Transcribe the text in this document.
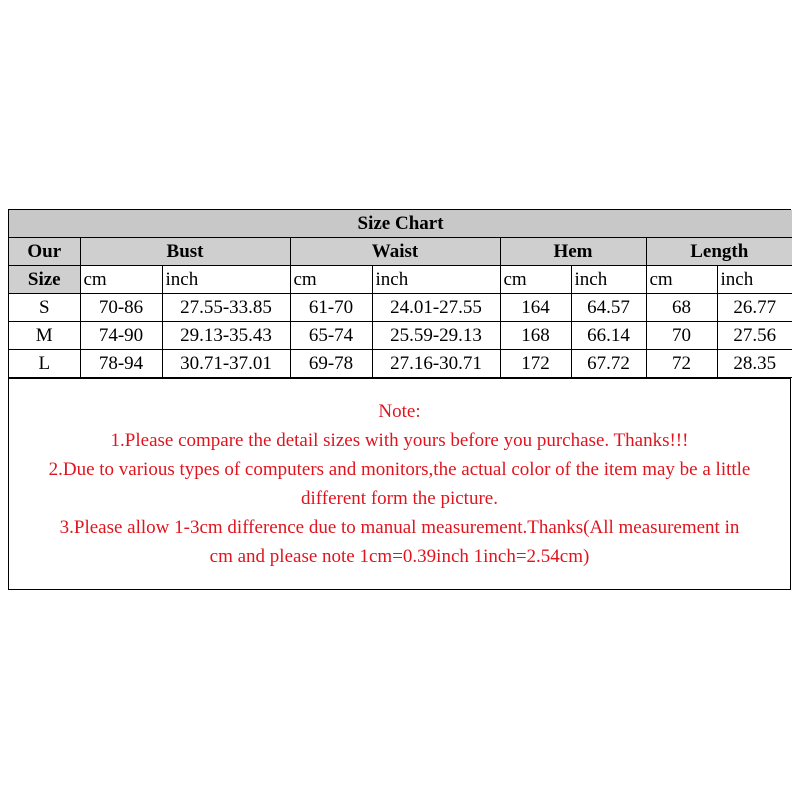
Size Chart								
Our	Bust		Waist		Hem		Length	
Size	cm	inch	cm	inch	cm	inch	cm	inch
S	70-86	27.55-33.85	61-70	24.01-27.55	164	64.57	68	26.77
M	74-90	29.13-35.43	65-74	25.59-29.13	168	66.14	70	27.56
L	78-94	30.71-37.01	69-78	27.16-30.71	172	67.72	72	28.35
Note:
1.Please compare the detail sizes with yours before you purchase. Thanks!!!
2.Due to various types of computers and monitors,the actual color of the item may be a little
different form the picture.
3.Please allow 1-3cm difference due to manual measurement.Thanks(All measurement in
cm and please note 1cm=0.39inch 1inch=2.54cm)
